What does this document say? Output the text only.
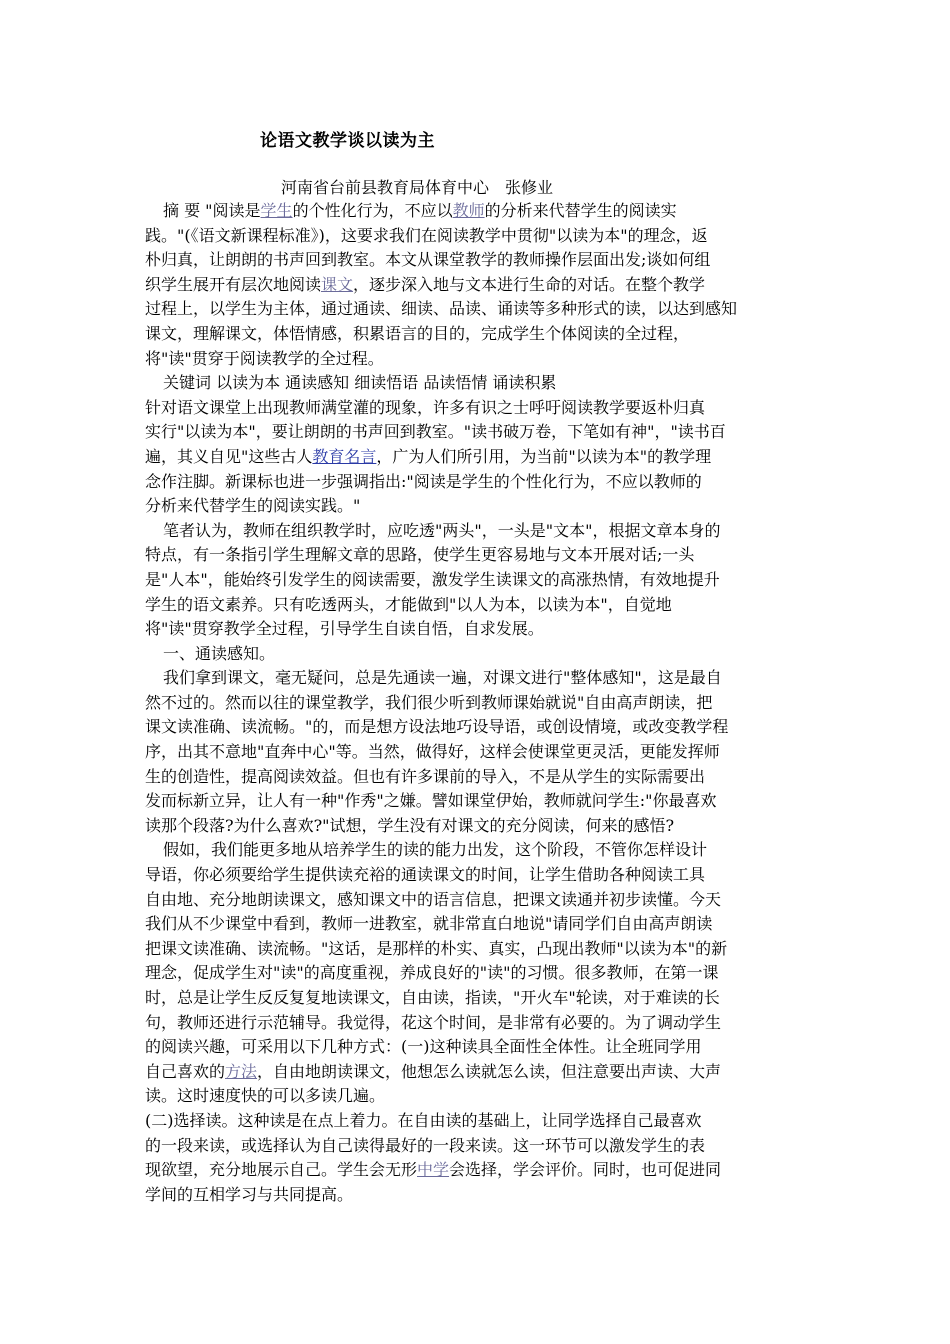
论语文教学谈以读为主
河南省台前县教育局体育中心　张修业
摘 要 "阅读是学生的个性化行为，不应以教师的分析来代替学生的阅读实
践。"(《语文新课程标准》)，这要求我们在阅读教学中贯彻"以读为本"的理念，返
朴归真，让朗朗的书声回到教室。本文从课堂教学的教师操作层面出发;谈如何组
织学生展开有层次地阅读课文，逐步深入地与文本进行生命的对话。在整个教学
过程上，以学生为主体，通过通读、细读、品读、诵读等多种形式的读，以达到感知
课文，理解课文，体悟情感，积累语言的目的，完成学生个体阅读的全过程，
将"读"贯穿于阅读教学的全过程。
关键词 以读为本 通读感知 细读悟语 品读悟情 诵读积累
针对语文课堂上出现教师满堂灌的现象，许多有识之士呼吁阅读教学要返朴归真
实行"以读为本"，要让朗朗的书声回到教室。"读书破万卷，下笔如有神"，"读书百
遍，其义自见"这些古人教育名言，广为人们所引用，为当前"以读为本"的教学理
念作注脚。新课标也进一步强调指出:"阅读是学生的个性化行为，不应以教师的
分析来代替学生的阅读实践。"
笔者认为，教师在组织教学时，应吃透"两头"，一头是"文本"，根据文章本身的
特点，有一条指引学生理解文章的思路，使学生更容易地与文本开展对话;一头
是"人本"，能始终引发学生的阅读需要，激发学生读课文的高涨热情，有效地提升
学生的语文素养。只有吃透两头，才能做到"以人为本，以读为本"，自觉地
将"读"贯穿教学全过程，引导学生自读自悟，自求发展。
一、通读感知。
我们拿到课文，毫无疑问，总是先通读一遍，对课文进行"整体感知"，这是最自
然不过的。然而以往的课堂教学，我们很少听到教师课始就说"自由高声朗读，把
课文读准确、读流畅。"的，而是想方设法地巧设导语，或创设情境，或改变教学程
序，出其不意地"直奔中心"等。当然，做得好，这样会使课堂更灵活，更能发挥师
生的创造性，提高阅读效益。但也有许多课前的导入，不是从学生的实际需要出
发而标新立异，让人有一种"作秀"之嫌。譬如课堂伊始，教师就问学生:"你最喜欢
读那个段落?为什么喜欢?"试想，学生没有对课文的充分阅读，何来的感悟?
假如，我们能更多地从培养学生的读的能力出发，这个阶段，不管你怎样设计
导语，你必须要给学生提供读充裕的通读课文的时间，让学生借助各种阅读工具
自由地、充分地朗读课文，感知课文中的语言信息，把课文读通并初步读懂。今天
我们从不少课堂中看到，教师一进教室，就非常直白地说"请同学们自由高声朗读
把课文读准确、读流畅。"这话，是那样的朴实、真实，凸现出教师"以读为本"的新
理念，促成学生对"读"的高度重视，养成良好的"读"的习惯。很多教师，在第一课
时，总是让学生反反复复地读课文，自由读，指读，"开火车"轮读，对于难读的长
句，教师还进行示范辅导。我觉得，花这个时间，是非常有必要的。为了调动学生
的阅读兴趣，可采用以下几种方式：(一)这种读具全面性全体性。让全班同学用
自己喜欢的方法，自由地朗读课文，他想怎么读就怎么读，但注意要出声读、大声
读。这时速度快的可以多读几遍。
(二)选择读。这种读是在点上着力。在自由读的基础上，让同学选择自己最喜欢
的一段来读，或选择认为自己读得最好的一段来读。这一环节可以激发学生的表
现欲望，充分地展示自己。学生会无形中学会选择，学会评价。同时，也可促进同
学间的互相学习与共同提高。
